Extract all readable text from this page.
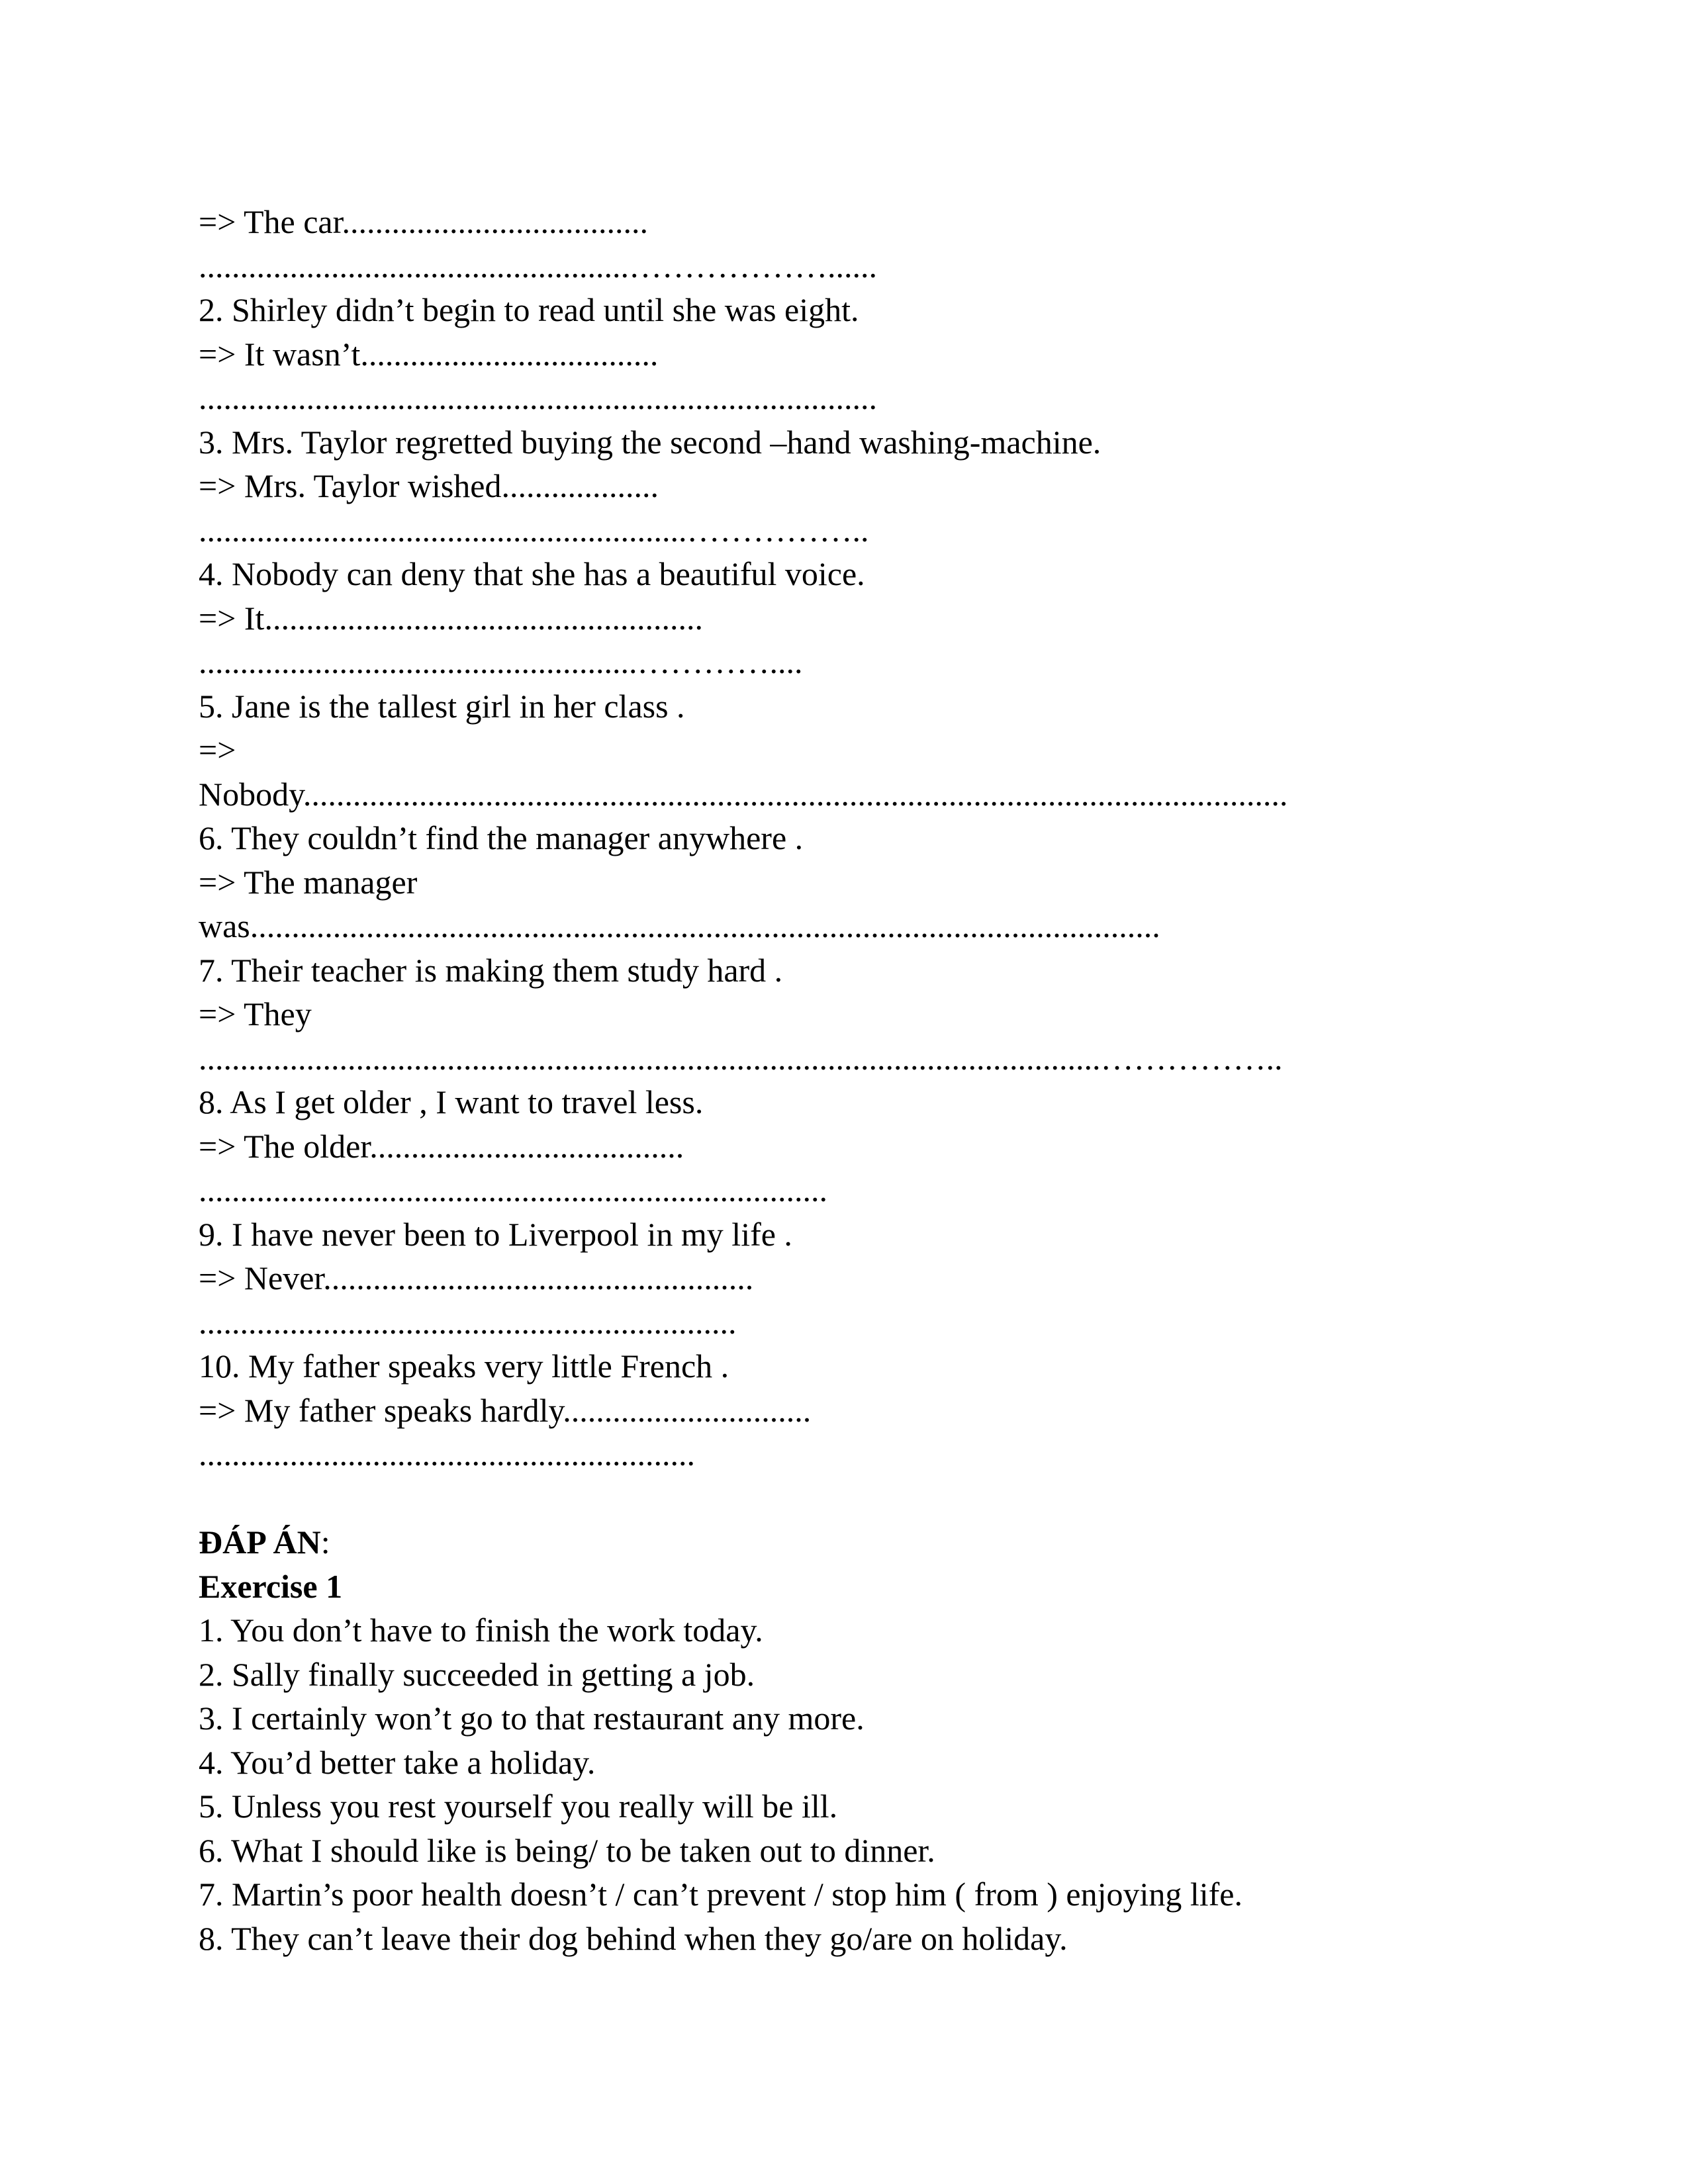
=> The car.....................................
....................................................………………......
2. Shirley didn’t begin to read until she was eight.
=> It wasn’t....................................
..................................................................................
3. Mrs. Taylor regretted buying the second –hand washing-machine.
=> Mrs. Taylor wished...................
...........................................................……………..
4. Nobody can deny that she has a beautiful voice.
=> It.....................................................
.....................................................…………....
5. Jane is the tallest girl in her class .
=>
Nobody.......................................................................................................................
6. They couldn’t find the manager anywhere .
=> The manager
was..............................................................................................................
7. Their teacher is making them study hard .
=> They
.............................................................................................................……………..
8. As I get older , I want to travel less.
=> The older......................................
............................................................................
9. I have never been to Liverpool in my life .
=> Never....................................................
.................................................................
10. My father speaks very little French .
=> My father speaks hardly..............................
............................................................
ĐÁP ÁN:
Exercise 1
1. You don’t have to finish the work today.
2. Sally finally succeeded in getting a job.
3. I certainly won’t go to that restaurant any more.
4. You’d better take a holiday.
5. Unless you rest yourself you really will be ill.
6. What I should like is being/ to be taken out to dinner.
7. Martin’s poor health doesn’t / can’t prevent / stop him ( from ) enjoying life.
8. They can’t leave their dog behind when they go/are on holiday.
